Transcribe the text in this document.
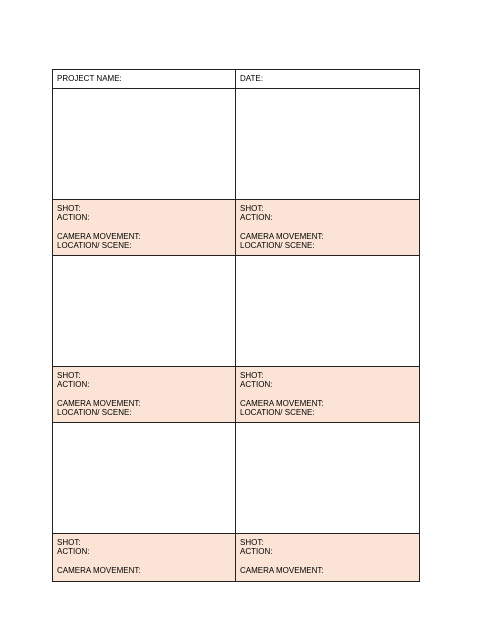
PROJECT NAME:	DATE:
SHOT:
ACTION:
CAMERA MOVEMENT:
LOCATION/ SCENE:
SHOT:
ACTION:
CAMERA MOVEMENT:
LOCATION/ SCENE:
SHOT:
ACTION:
CAMERA MOVEMENT:
LOCATION/ SCENE:
SHOT:
ACTION:
CAMERA MOVEMENT:
LOCATION/ SCENE:
SHOT:
ACTION:
CAMERA MOVEMENT:
SHOT:
ACTION:
CAMERA MOVEMENT:
